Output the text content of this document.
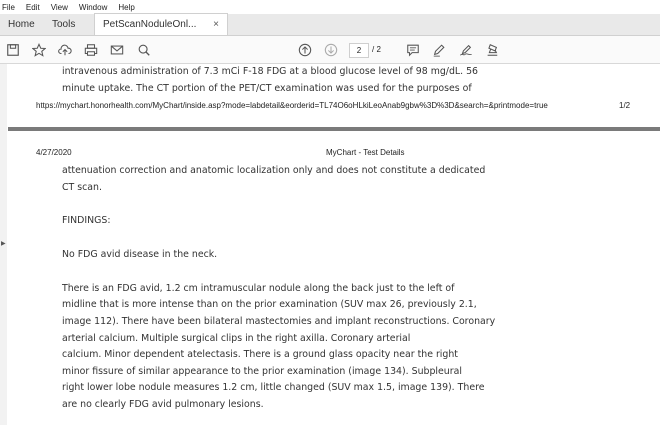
File Edit View Window Help
Home	Tools	PetScanNoduleOnl... ×
2	/ 2
▶
intravenous administration of 7.3 mCi F-18 FDG at a blood glucose level of 98 mg/dL. 56
minute uptake. The CT portion of the PET/CT examination was used for the purposes of
https://mychart.honorhealth.com/MyChart/inside.asp?mode=labdetail&eorderid=TL74O6oHLkiLeoAnab9gbw%3D%3D&search=&printmode=true	1/2
4/27/2020	MyChart - Test Details
attenuation correction and anatomic localization only and does not constitute a dedicated
CT scan.
FINDINGS:
No FDG avid disease in the neck.
There is an FDG avid, 1.2 cm intramuscular nodule along the back just to the left of
midline that is more intense than on the prior examination (SUV max 26, previously 2.1,
image 112). There have been bilateral mastectomies and implant reconstructions. Coronary
arterial calcium. Multiple surgical clips in the right axilla. Coronary arterial
calcium. Minor dependent atelectasis. There is a ground glass opacity near the right
minor fissure of similar appearance to the prior examination (image 134). Subpleural
right lower lobe nodule measures 1.2 cm, little changed (SUV max 1.5, image 139). There
are no clearly FDG avid pulmonary lesions.
